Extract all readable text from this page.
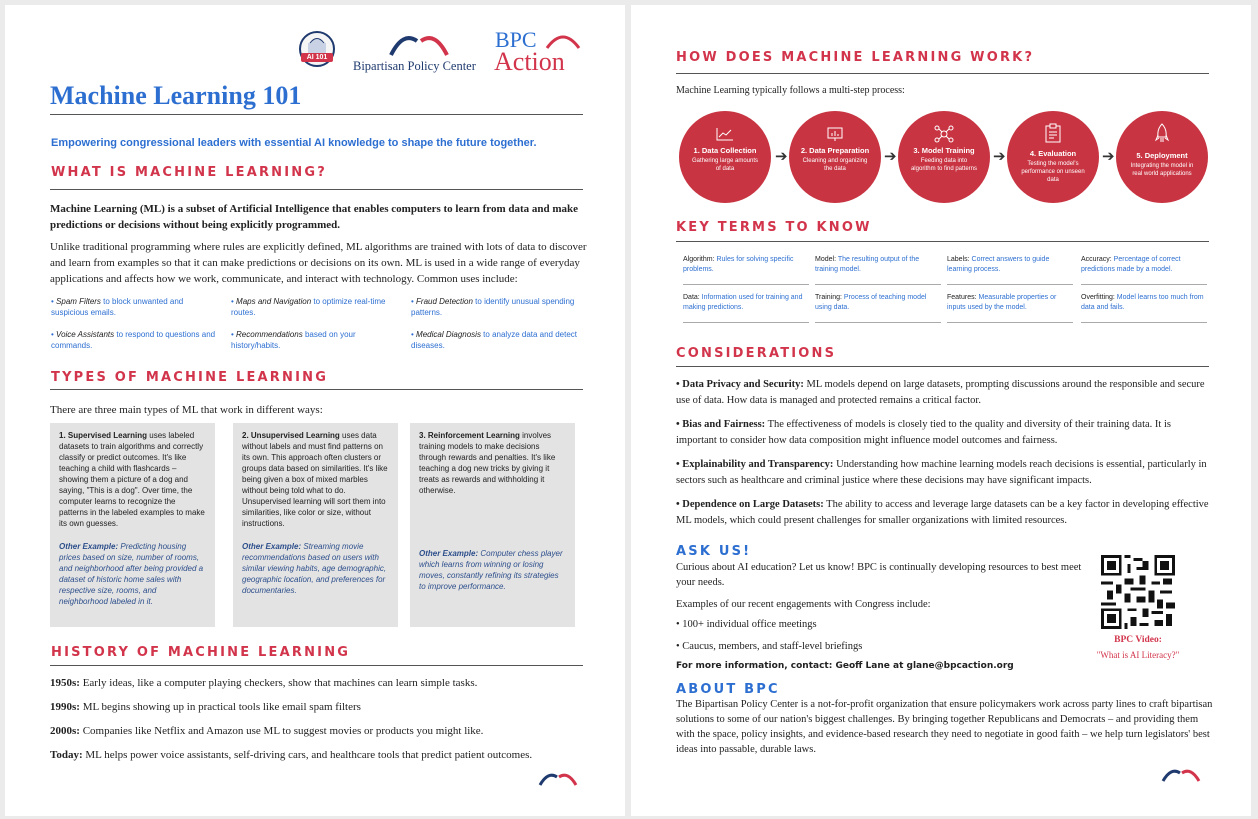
AI 101
Bipartisan Policy Center
BPC
Action
Machine Learning 101
Empowering congressional leaders with essential AI knowledge to shape the future together.
WHAT IS MACHINE LEARNING?
Machine Learning (ML) is a subset of Artificial Intelligence that enables computers to learn from data and make predictions or decisions without being explicitly programmed.
Unlike traditional programming where rules are explicitly defined, ML algorithms are trained with lots of data to discover and learn from examples so that it can make predictions or decisions on its own. ML is used in a wide range of everyday applications and affects how we work, communicate, and interact with technology. Common uses include:
• Spam Filters to block unwanted and suspicious emails.
• Voice Assistants to respond to questions and commands.
• Maps and Navigation to optimize real-time routes.
• Recommendations based on your history/habits.
• Fraud Detection to identify unusual spending patterns.
• Medical Diagnosis to analyze data and detect diseases.
TYPES OF MACHINE LEARNING
There are three main types of ML that work in different ways:
1. Supervised Learning uses labeled datasets to train algorithms and correctly classify or predict outcomes. It's like teaching a child with flashcards – showing them a picture of a dog and saying, "This is a dog". Over time, the computer learns to recognize the patterns in the labeled examples to make its own guesses.
Other Example: Predicting housing prices based on size, number of rooms, and neighborhood after being provided a dataset of historic home sales with respective size, rooms, and neighborhood labeled in it.
2. Unsupervised Learning uses data without labels and must find patterns on its own. This approach often clusters or groups data based on similarities. It's like being given a box of mixed marbles without being told what to do. Unsupervised learning will sort them into similarities, like color or size, without instructions.
Other Example: Streaming movie recommendations based on users with similar viewing habits, age demographic, geographic location, and preferences for documentaries.
3. Reinforcement Learning involves training models to make decisions through rewards and penalties. It's like teaching a dog new tricks by giving it treats as rewards and withholding it otherwise.
Other Example: Computer chess player which learns from winning or losing moves, constantly refining its strategies to improve performance.
HISTORY OF MACHINE LEARNING
1950s: Early ideas, like a computer playing checkers, show that machines can learn simple tasks.
1990s: ML begins showing up in practical tools like email spam filters
2000s: Companies like Netflix and Amazon use ML to suggest movies or products you might like.
Today: ML helps power voice assistants, self-driving cars, and healthcare tools that predict patient outcomes.
HOW DOES MACHINE LEARNING WORK?
Machine Learning typically follows a multi-step process:
1. Data Collection
Gathering large amounts of data
➔	2. Data Preparation
Cleaning and organizing the data
➔	3. Model Training
Feeding data into algorithm to find patterns
➔	4. Evaluation
Testing the model's performance on unseen data
➔	5. Deployment
Integrating the model in real world applications
KEY TERMS TO KNOW
Algorithm: Rules for solving specific problems.
Model: The resulting output of the training model.
Labels: Correct answers to guide learning process.
Accuracy: Percentage of correct predictions made by a model.
Data: Information used for training and making predictions.
Training: Process of teaching model using data.
Features: Measurable properties or inputs used by the model.
Overfitting: Model learns too much from data and fails.
CONSIDERATIONS
• Data Privacy and Security: ML models depend on large datasets, prompting discussions around the responsible and secure use of data. How data is managed and protected remains a critical factor.
• Bias and Fairness: The effectiveness of models is closely tied to the quality and diversity of their training data. It is important to consider how data composition might influence model outcomes and fairness.
• Explainability and Transparency: Understanding how machine learning models reach decisions is essential, particularly in sectors such as healthcare and criminal justice where these decisions may have significant impacts.
• Dependence on Large Datasets: The ability to access and leverage large datasets can be a key factor in developing effective ML models, which could present challenges for smaller organizations with limited resources.
ASK US!
Curious about AI education? Let us know! BPC is continually developing resources to best meet your needs.
Examples of our recent engagements with Congress include:
• 100+ individual office meetings
• Caucus, members, and staff-level briefings
For more information, contact: Geoff Lane at glane@bpcaction.org
BPC Video:
"What is AI Literacy?"
ABOUT BPC
The Bipartisan Policy Center is a not-for-profit organization that ensure policymakers work across party lines to craft bipartisan solutions to some of our nation's biggest challenges. By bringing together Republicans and Democrats – and providing them with the space, policy insights, and evidence-based research they need to negotiate in good faith – we help turn legislators' best ideas into passable, durable laws.
